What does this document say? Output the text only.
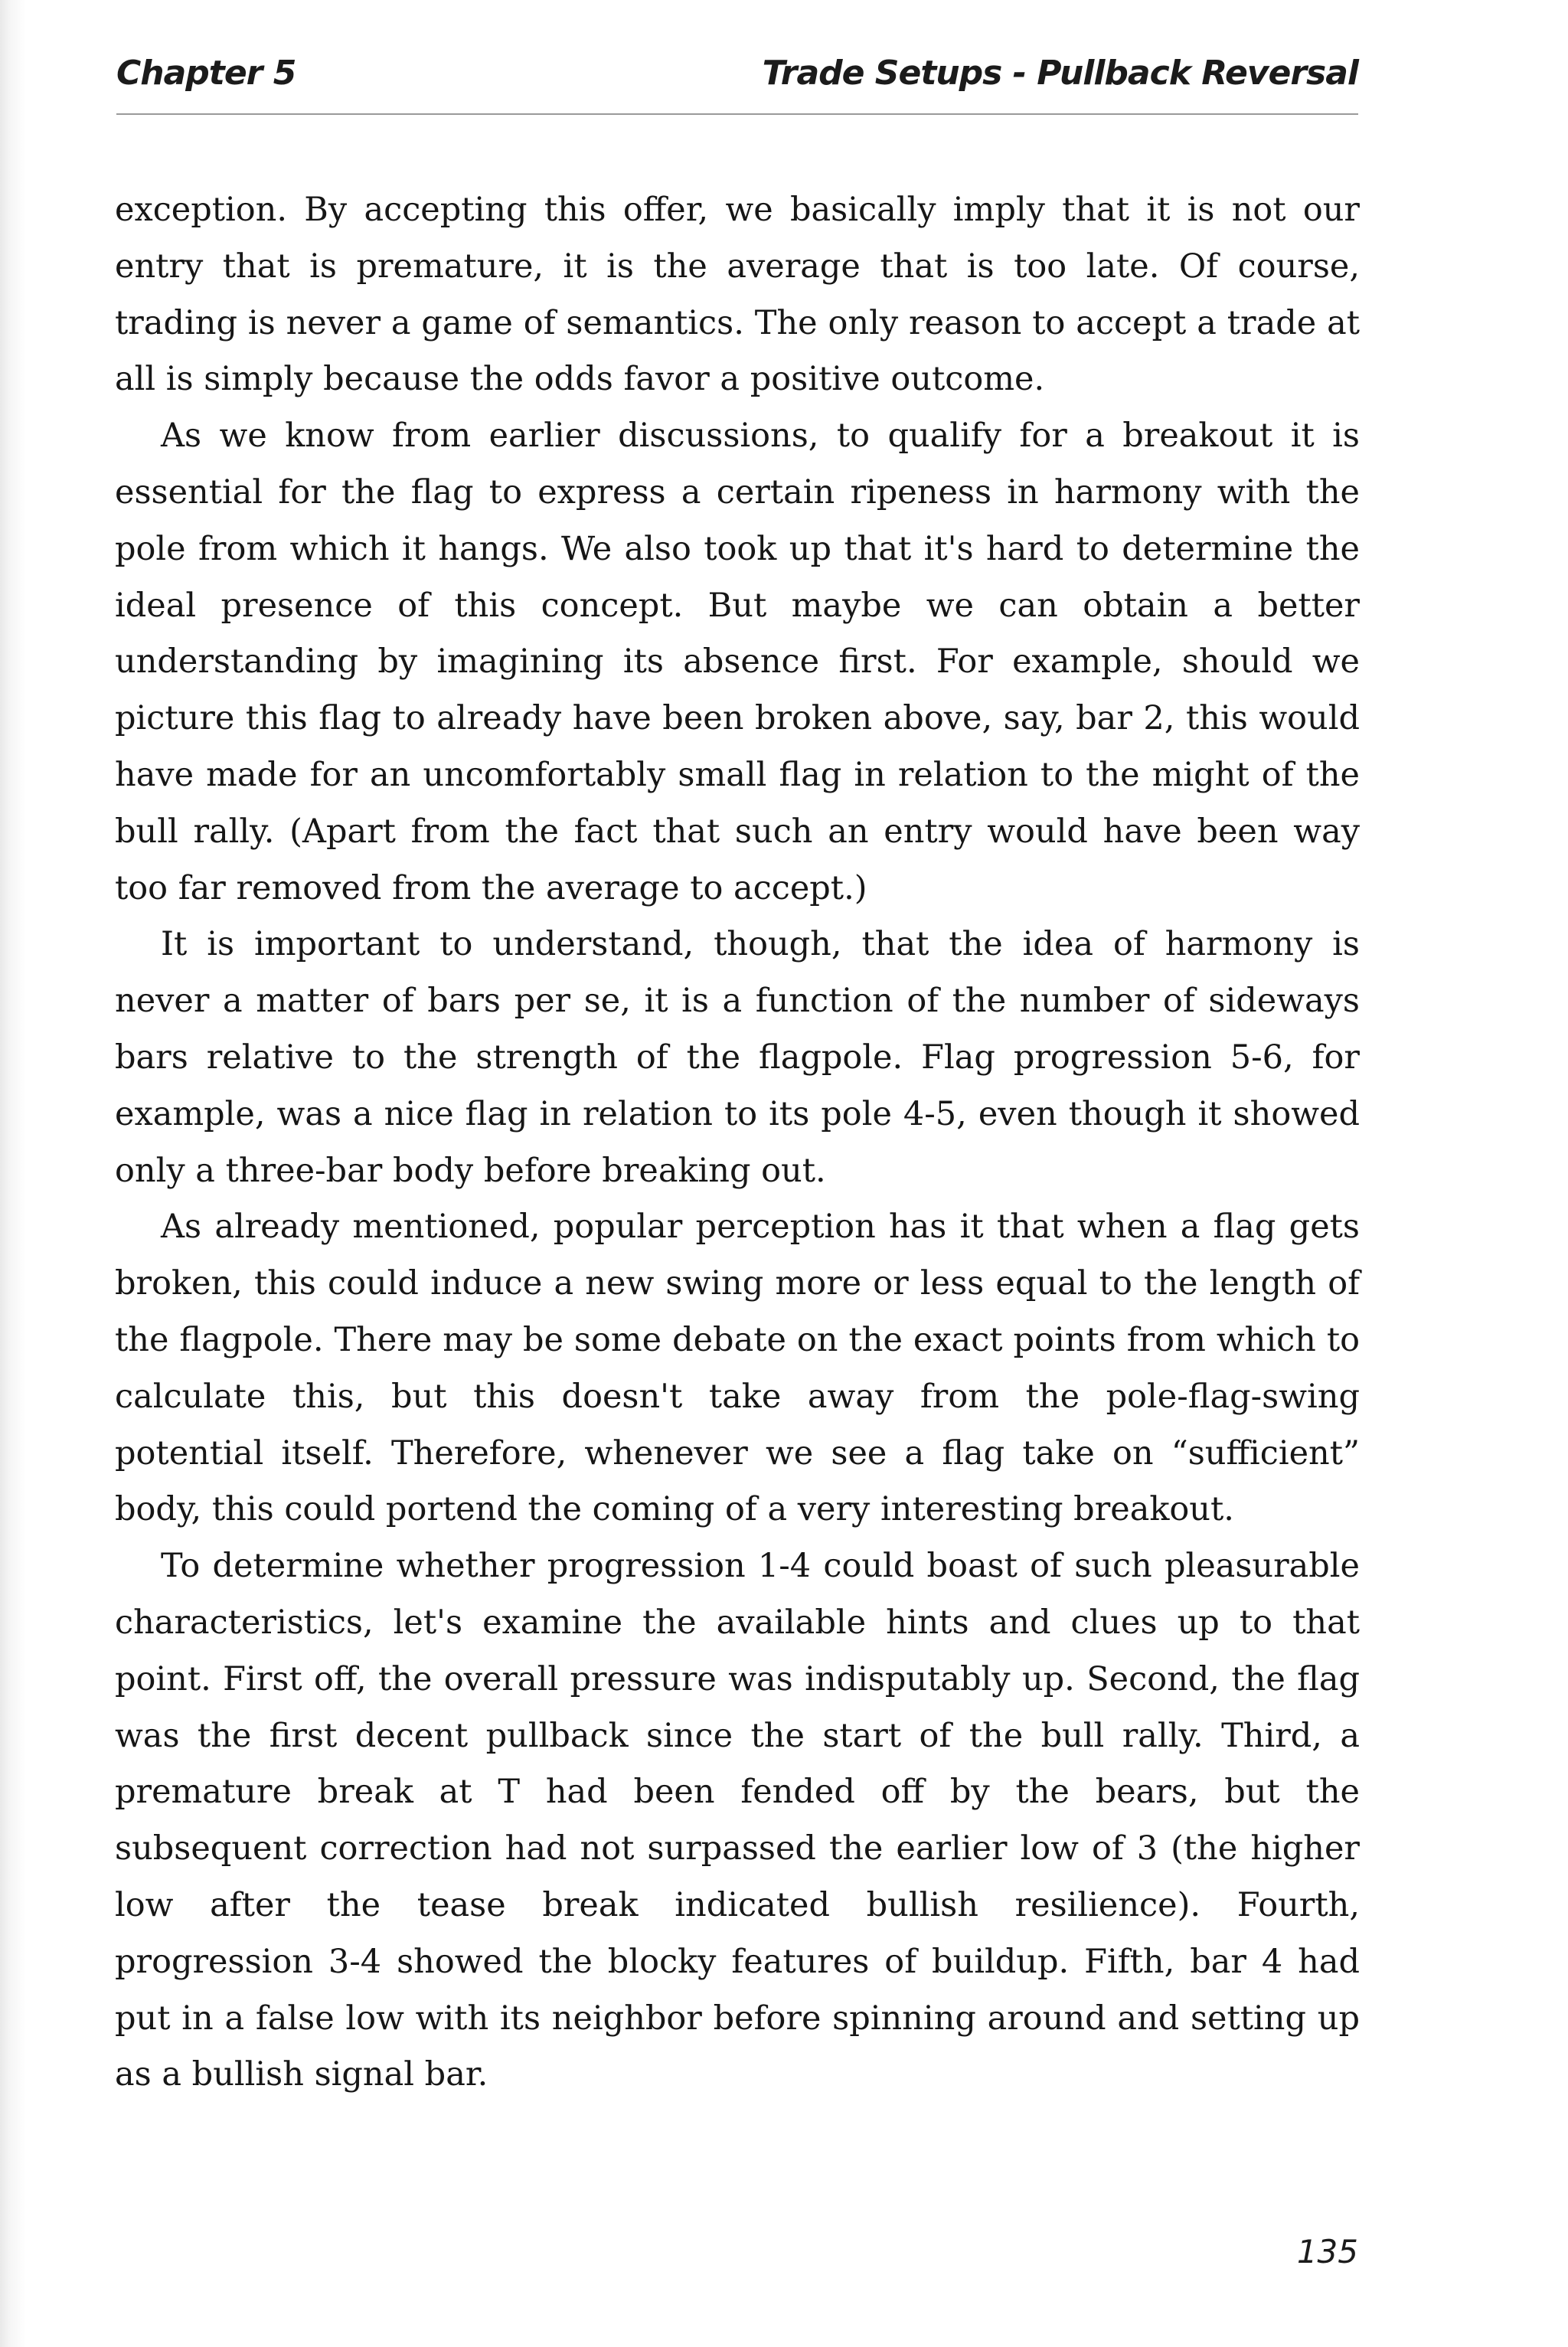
Chapter 5	Trade Setups - Pullback Reversal

exception. By accepting this offer, we basically imply that it is not our entry that is premature, it is the average that is too late. Of course, trading is never a game of semantics. The only reason to accept a trade at all is simply because the odds favor a positive outcome.

As we know from earlier discussions, to qualify for a breakout it is essential for the flag to express a certain ripeness in harmony with the pole from which it hangs. We also took up that it's hard to determine the ideal presence of this concept. But maybe we can obtain a better understanding by imagining its absence first. For example, should we picture this flag to already have been broken above, say, bar 2, this would have made for an uncomfortably small flag in relation to the might of the bull rally. (Apart from the fact that such an entry would have been way too far removed from the average to accept.)

It is important to understand, though, that the idea of harmony is never a matter of bars per se, it is a function of the number of sideways bars relative to the strength of the flagpole. Flag progression 5-6, for example, was a nice flag in relation to its pole 4-5, even though it showed only a three-bar body before breaking out.

As already mentioned, popular perception has it that when a flag gets broken, this could induce a new swing more or less equal to the length of the flagpole. There may be some debate on the exact points from which to calculate this, but this doesn't take away from the pole-flag-swing potential itself. Therefore, whenever we see a flag take on “sufficient” body, this could portend the coming of a very interesting breakout.

To determine whether progression 1-4 could boast of such pleasurable characteristics, let's examine the available hints and clues up to that point. First off, the overall pressure was indisputably up. Second, the flag was the first decent pullback since the start of the bull rally. Third, a premature break at T had been fended off by the bears, but the subsequent correction had not surpassed the earlier low of 3 (the higher low after the tease break indicated bullish resilience). Fourth, progression 3-4 showed the blocky features of buildup. Fifth, bar 4 had put in a false low with its neighbor before spinning around and setting up as a bullish signal bar.

135
